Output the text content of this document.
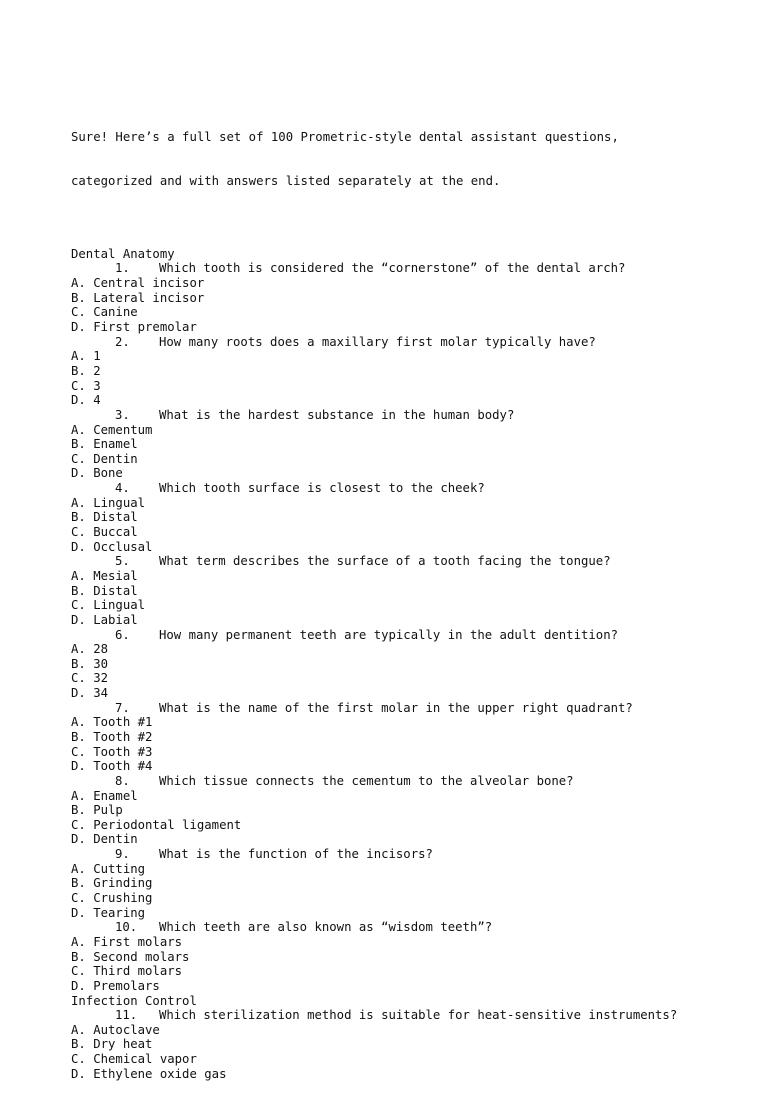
Sure! Here’s a full set of 100 Prometric-style dental assistant questions,

categorized and with answers listed separately at the end.

Dental Anatomy
1. Which tooth is considered the “cornerstone” of the dental arch?
A. Central incisor
B. Lateral incisor
C. Canine
D. First premolar
2. How many roots does a maxillary first molar typically have?
A. 1
B. 2
C. 3
D. 4
3. What is the hardest substance in the human body?
A. Cementum
B. Enamel
C. Dentin
D. Bone
4. Which tooth surface is closest to the cheek?
A. Lingual
B. Distal
C. Buccal
D. Occlusal
5. What term describes the surface of a tooth facing the tongue?
A. Mesial
B. Distal
C. Lingual
D. Labial
6. How many permanent teeth are typically in the adult dentition?
A. 28
B. 30
C. 32
D. 34
7. What is the name of the first molar in the upper right quadrant?
A. Tooth #1
B. Tooth #2
C. Tooth #3
D. Tooth #4
8. Which tissue connects the cementum to the alveolar bone?
A. Enamel
B. Pulp
C. Periodontal ligament
D. Dentin
9. What is the function of the incisors?
A. Cutting
B. Grinding
C. Crushing
D. Tearing
10. Which teeth are also known as “wisdom teeth”?
A. First molars
B. Second molars
C. Third molars
D. Premolars
Infection Control
11. Which sterilization method is suitable for heat-sensitive instruments?
A. Autoclave
B. Dry heat
C. Chemical vapor
D. Ethylene oxide gas
